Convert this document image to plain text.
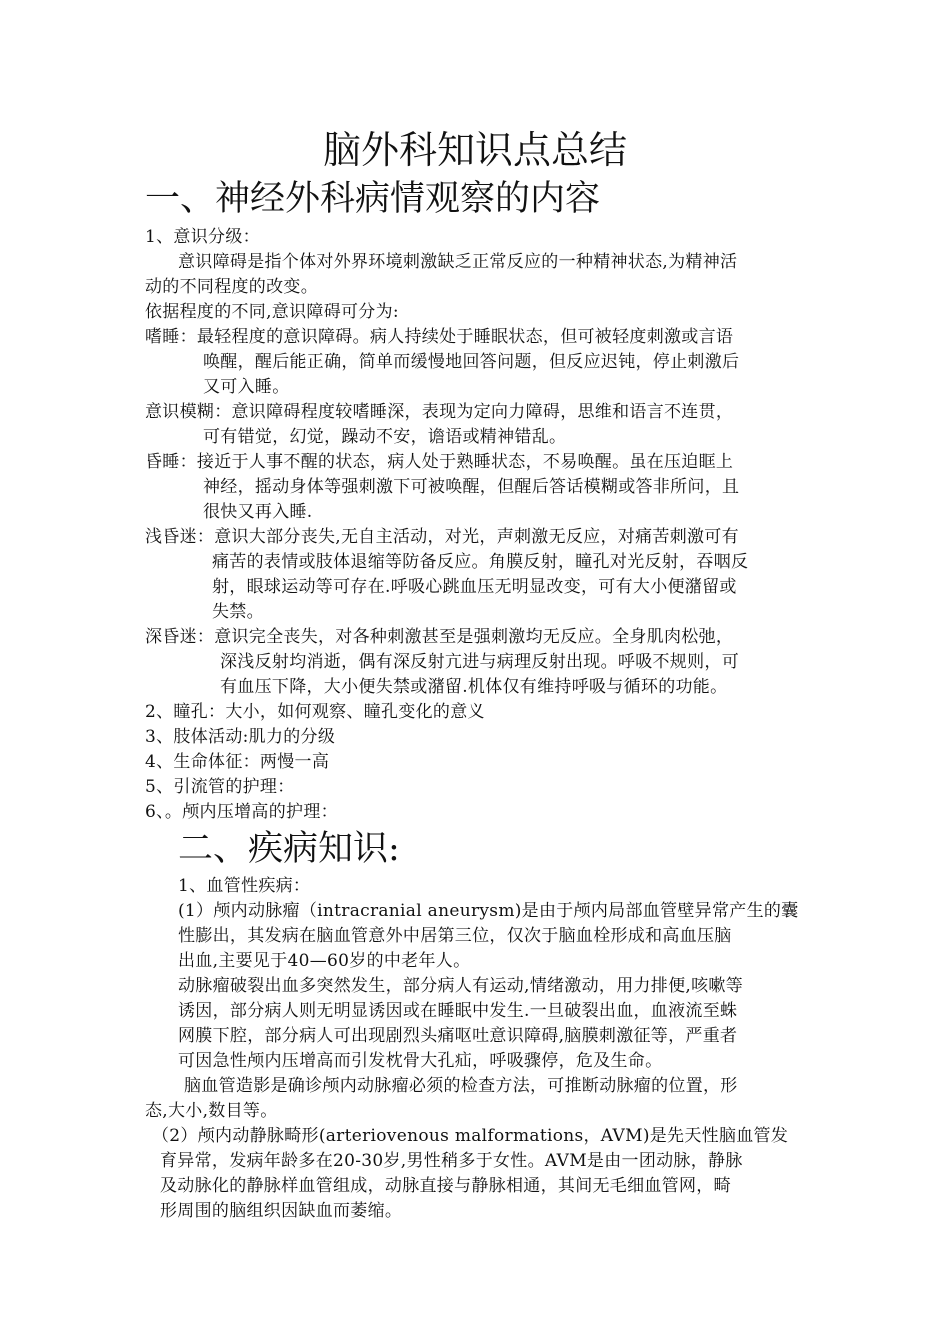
脑外科知识点总结
一、神经外科病情观察的内容
1、意识分级：
意识障碍是指个体对外界环境刺激缺乏正常反应的一种精神状态,为精神活
动的不同程度的改变。
依据程度的不同,意识障碍可分为:
嗜睡：最轻程度的意识障碍。病人持续处于睡眠状态，但可被轻度刺激或言语
唤醒，醒后能正确，简单而缓慢地回答问题，但反应迟钝，停止刺激后
又可入睡。
意识模糊：意识障碍程度较嗜睡深，表现为定向力障碍，思维和语言不连贯，
可有错觉，幻觉，躁动不安，谵语或精神错乱。
昏睡：接近于人事不醒的状态，病人处于熟睡状态，不易唤醒。虽在压迫眶上
神经，摇动身体等强刺激下可被唤醒，但醒后答话模糊或答非所问，且
很快又再入睡.
浅昏迷：意识大部分丧失,无自主活动，对光，声刺激无反应，对痛苦刺激可有
痛苦的表情或肢体退缩等防备反应。角膜反射，瞳孔对光反射，吞咽反
射，眼球运动等可存在.呼吸心跳血压无明显改变，可有大小便潴留或
失禁。
深昏迷：意识完全丧失，对各种刺激甚至是强刺激均无反应。全身肌肉松弛，
深浅反射均消逝，偶有深反射亢进与病理反射出现。呼吸不规则，可
有血压下降，大小便失禁或潴留.机体仅有维持呼吸与循环的功能。
2、瞳孔：大小，如何观察、瞳孔变化的意义
3、肢体活动:肌力的分级
4、生命体征：两慢一高
5、引流管的护理：
6、。颅内压增高的护理：
二、疾病知识:
1、血管性疾病：
(1）颅内动脉瘤（intracranial aneurysm)是由于颅内局部血管壁异常产生的囊
性膨出，其发病在脑血管意外中居第三位，仅次于脑血栓形成和高血压脑
出血,主要见于40—60岁的中老年人。
动脉瘤破裂出血多突然发生，部分病人有运动,情绪激动，用力排便,咳嗽等
诱因，部分病人则无明显诱因或在睡眠中发生.一旦破裂出血，血液流至蛛
网膜下腔，部分病人可出现剧烈头痛呕吐意识障碍,脑膜刺激征等，严重者
可因急性颅内压增高而引发枕骨大孔疝，呼吸骤停，危及生命。
脑血管造影是确诊颅内动脉瘤必须的检查方法，可推断动脉瘤的位置，形
态,大小,数目等。
（2）颅内动静脉畸形(arteriovenous malformations，AVM)是先天性脑血管发
育异常，发病年龄多在20-30岁,男性稍多于女性。AVM是由一团动脉，静脉
及动脉化的静脉样血管组成，动脉直接与静脉相通，其间无毛细血管网，畸
形周围的脑组织因缺血而萎缩。
